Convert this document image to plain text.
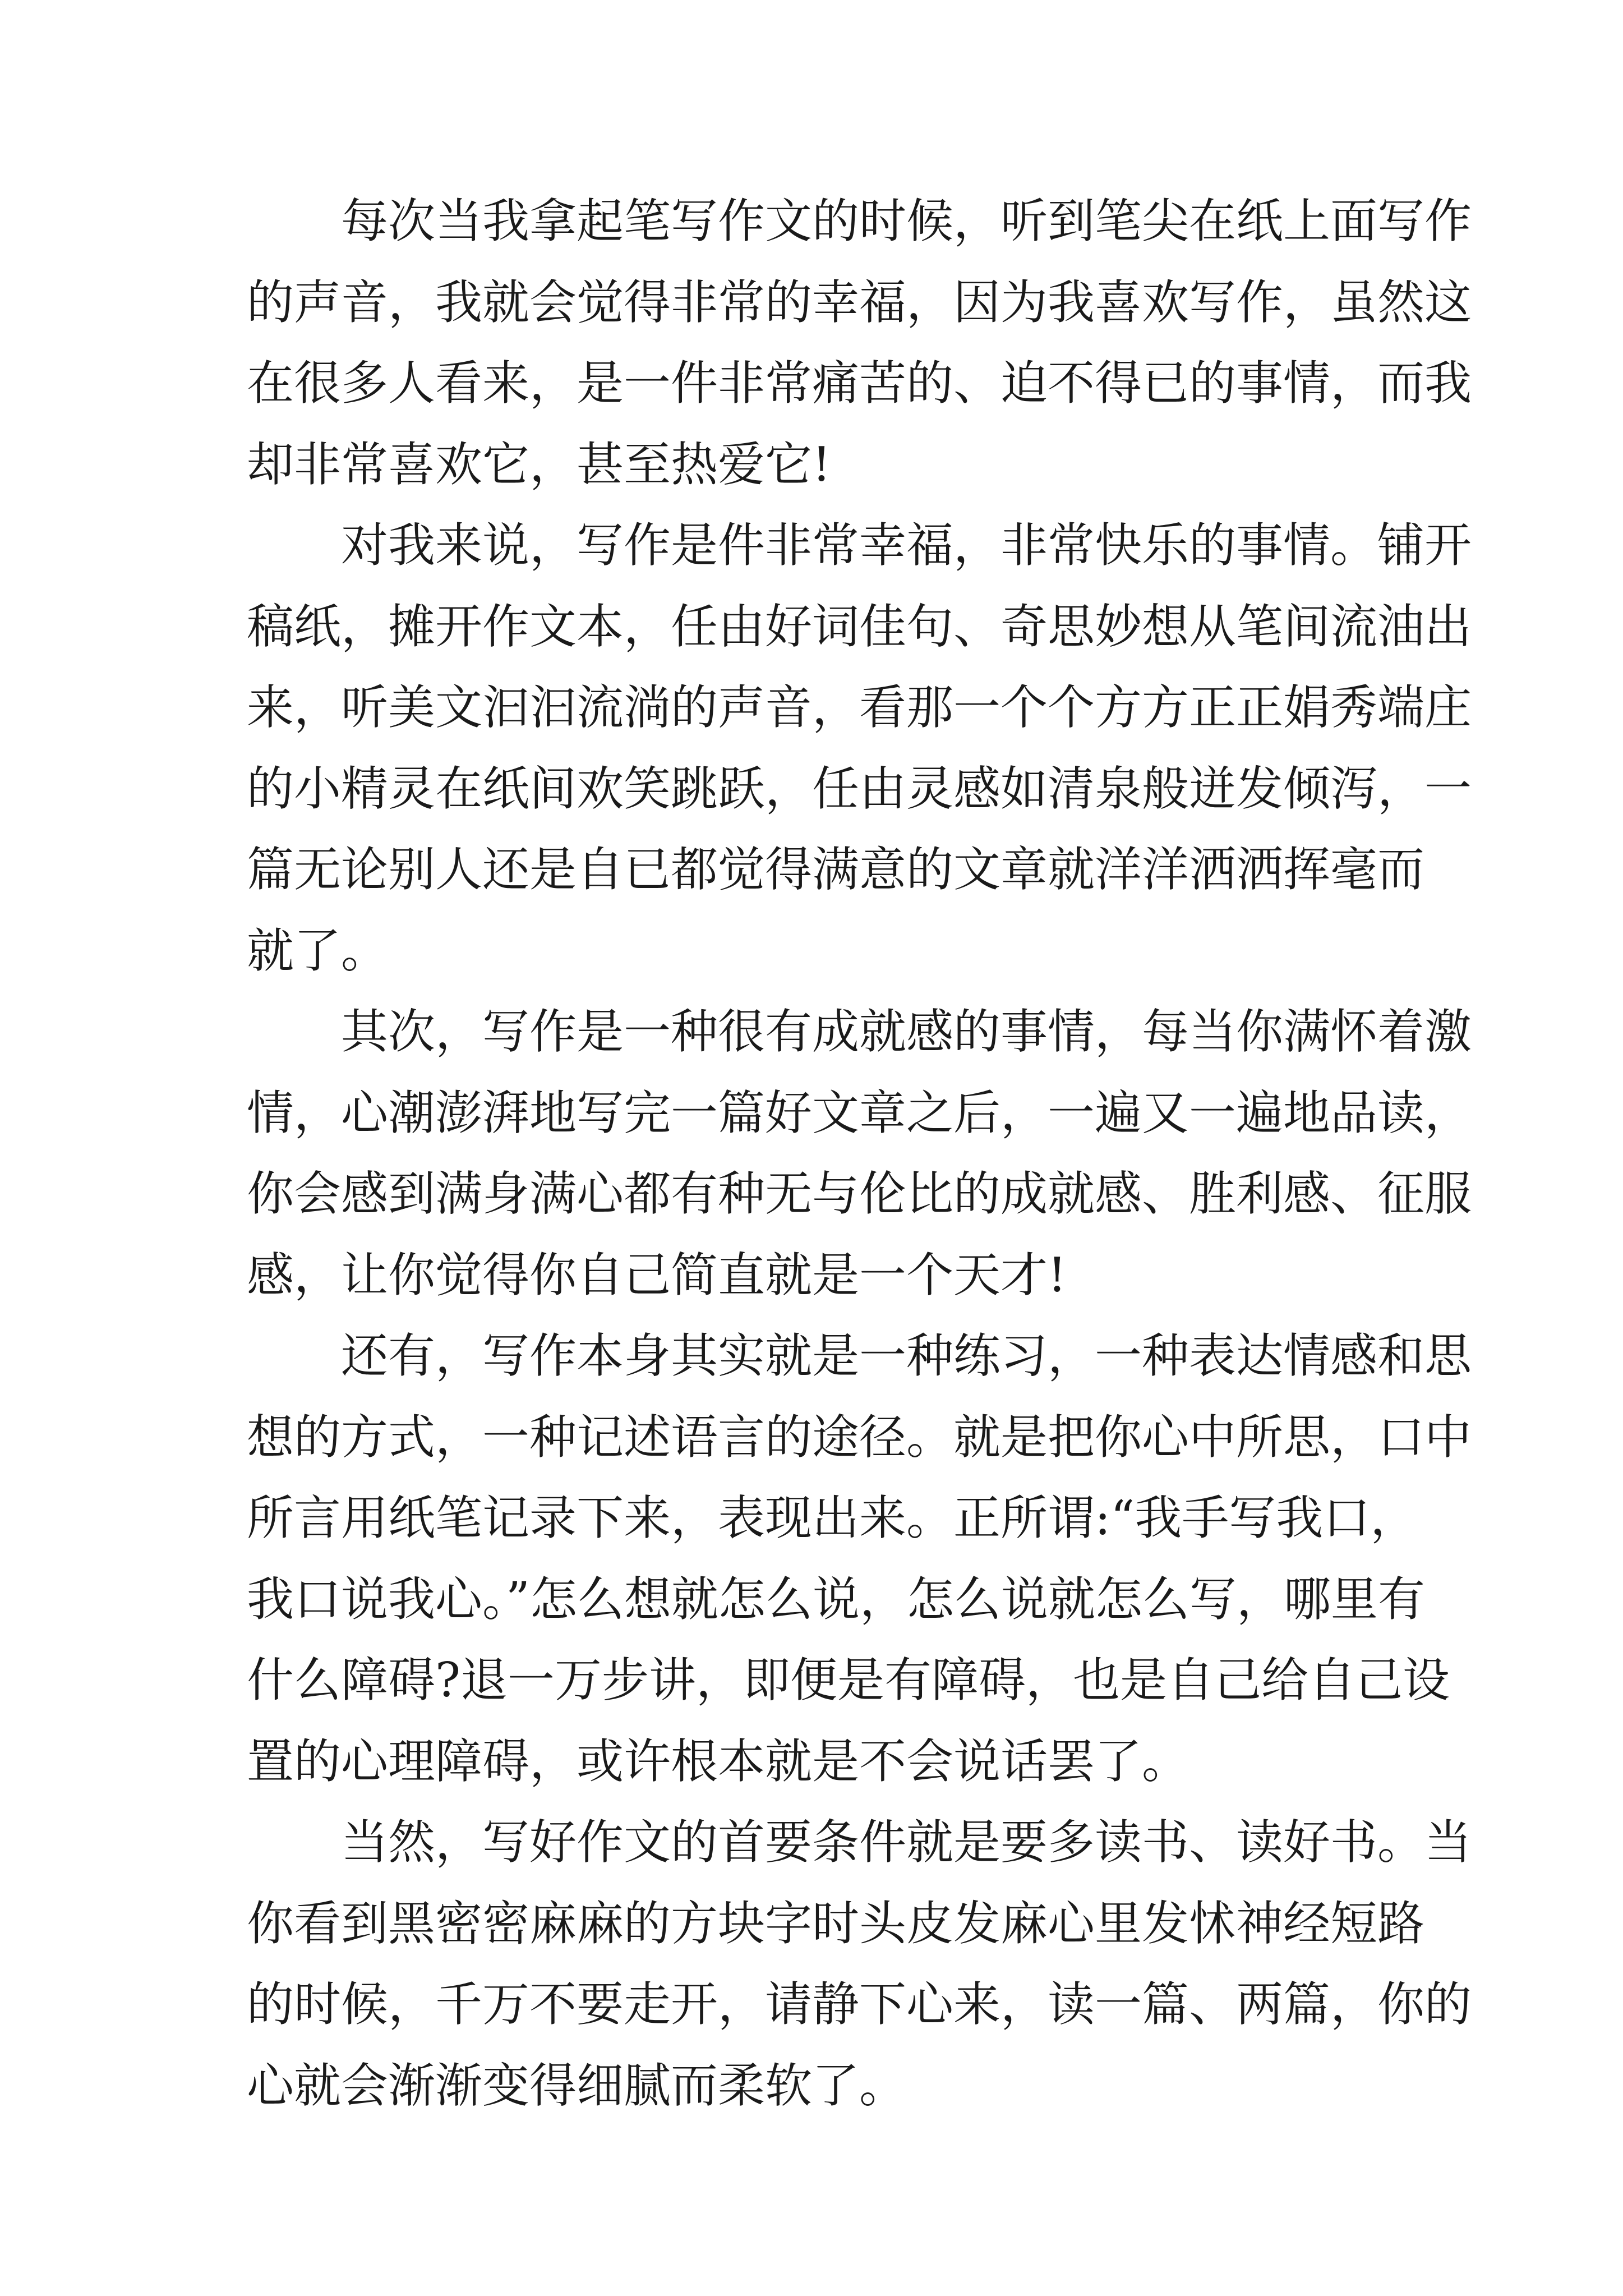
每次当我拿起笔写作文的时候，听到笔尖在纸上面写作
的声音，我就会觉得非常的幸福，因为我喜欢写作，虽然这
在很多人看来，是一件非常痛苦的、迫不得已的事情，而我
却非常喜欢它，甚至热爱它!
对我来说，写作是件非常幸福，非常快乐的事情。铺开
稿纸，摊开作文本，任由好词佳句、奇思妙想从笔间流油出
来，听美文汩汩流淌的声音，看那一个个方方正正娟秀端庄
的小精灵在纸间欢笑跳跃，任由灵感如清泉般迸发倾泻，一
篇无论别人还是自已都觉得满意的文章就洋洋洒洒挥毫而
就了。
其次，写作是一种很有成就感的事情，每当你满怀着激
情，心潮澎湃地写完一篇好文章之后，一遍又一遍地品读，
你会感到满身满心都有种无与伦比的成就感、胜利感、征服
感，让你觉得你自己简直就是一个天才!
还有，写作本身其实就是一种练习，一种表达情感和思
想的方式，一种记述语言的途径。就是把你心中所思，口中
所言用纸笔记录下来，表现出来。正所谓:“我手写我口，
我口说我心。”怎么想就怎么说，怎么说就怎么写，哪里有
什么障碍?退一万步讲，即便是有障碍，也是自己给自己设
置的心理障碍，或许根本就是不会说话罢了。
当然，写好作文的首要条件就是要多读书、读好书。当
你看到黑密密麻麻的方块字时头皮发麻心里发怵神经短路
的时候，千万不要走开，请静下心来，读一篇、两篇，你的
心就会渐渐变得细腻而柔软了。
